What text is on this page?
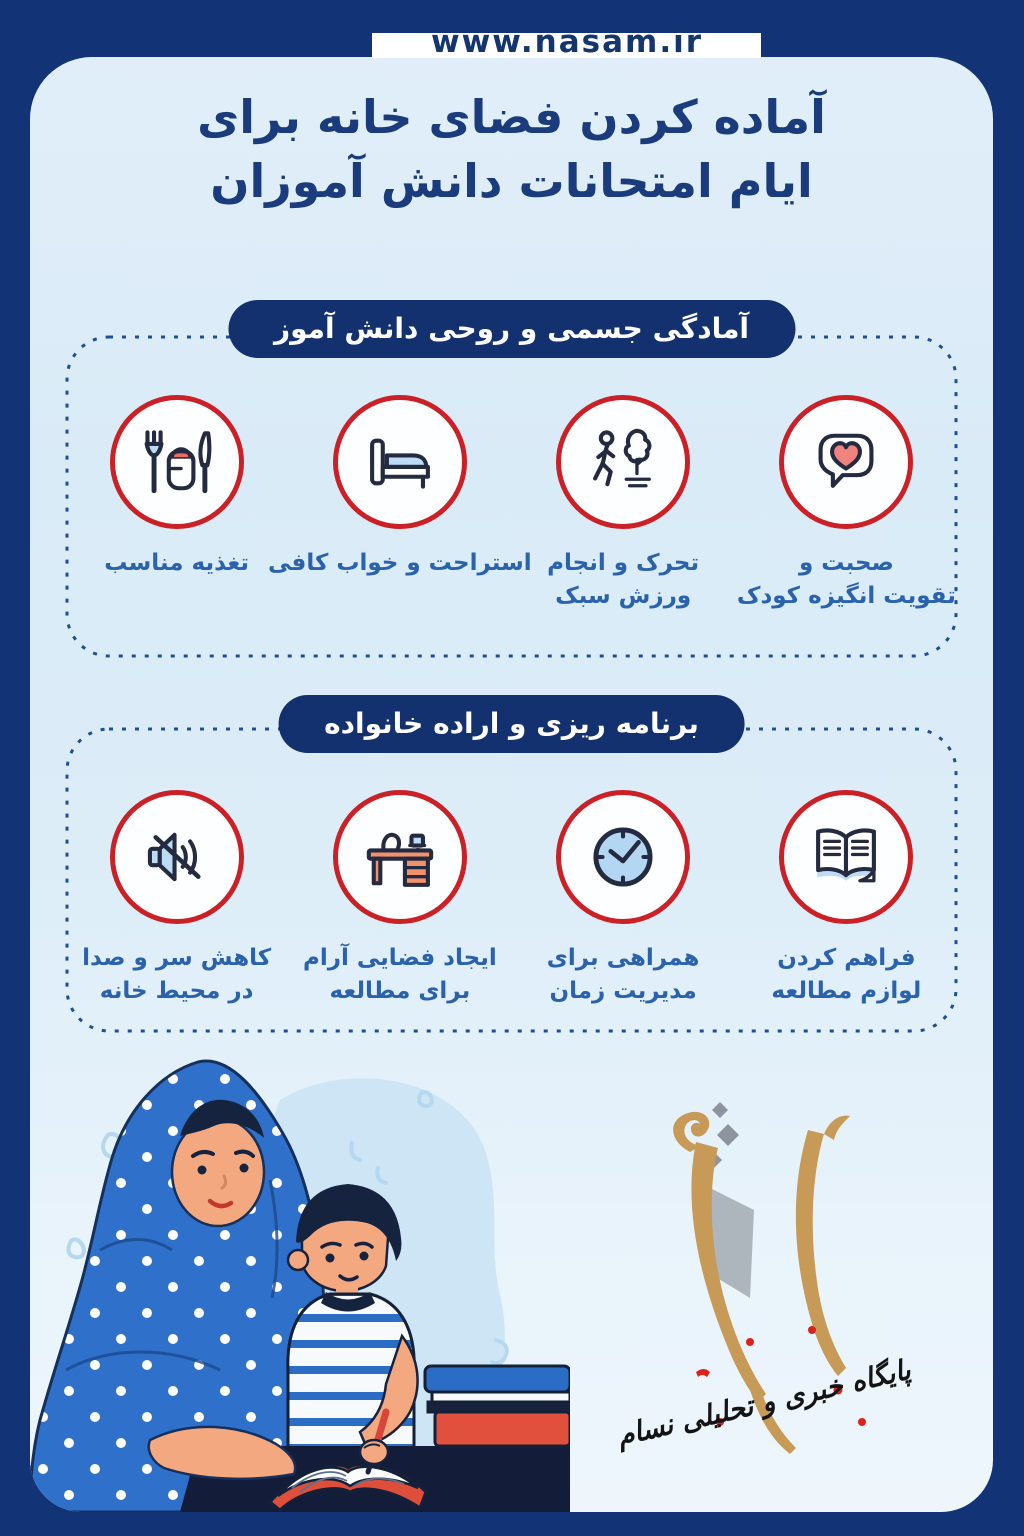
www.nasam.ir
آماده کردن فضای خانه برای
ایام امتحانات دانش آموزان
آمادگی جسمی و روحی دانش آموز
صحبت و
تقویت انگیزه کودک
تحرک و انجام
ورزش سبک
استراحت و خواب کافی
تغذیه مناسب
برنامه ریزی و اراده خانواده
فراهم کردن
لوازم مطالعه
همراهی برای
مدیریت زمان
ایجاد فضایی آرام
برای مطالعه
کاهش سر و صدا
در محیط خانه
پایگاه خبری و تحلیلی نسام
